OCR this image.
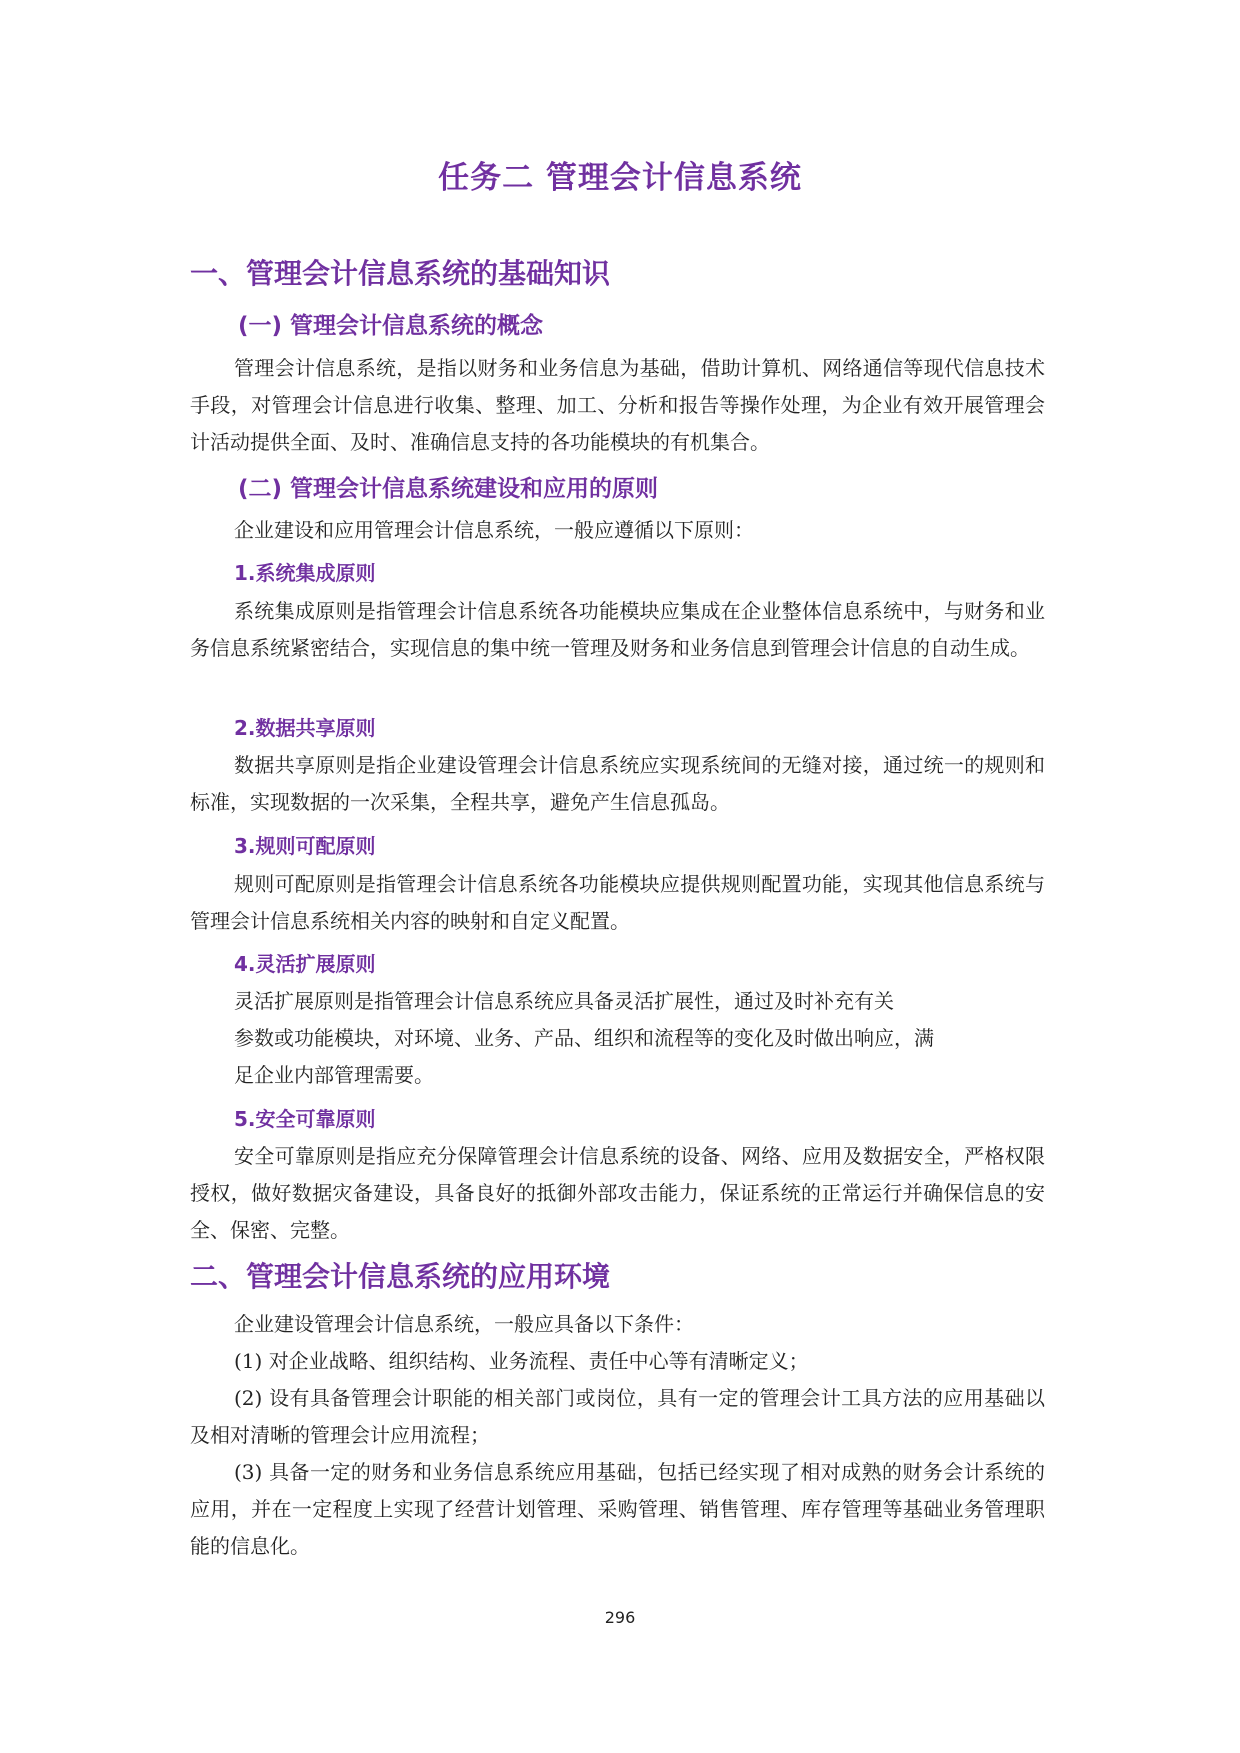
任务二 管理会计信息系统
一、管理会计信息系统的基础知识
(一) 管理会计信息系统的概念

管理会计信息系统，是指以财务和业务信息为基础，借助计算机、网络通信等现代信息技术手段，对管理会计信息进行收集、整理、加工、分析和报告等操作处理，为企业有效开展管理会计活动提供全面、及时、准确信息支持的各功能模块的有机集合。

(二) 管理会计信息系统建设和应用的原则

企业建设和应用管理会计信息系统，一般应遵循以下原则：

1.系统集成原则

系统集成原则是指管理会计信息系统各功能模块应集成在企业整体信息系统中，与财务和业务信息系统紧密结合，实现信息的集中统一管理及财务和业务信息到管理会计信息的自动生成。

2.数据共享原则

数据共享原则是指企业建设管理会计信息系统应实现系统间的无缝对接，通过统一的规则和标准，实现数据的一次采集，全程共享，避免产生信息孤岛。

3.规则可配原则

规则可配原则是指管理会计信息系统各功能模块应提供规则配置功能，实现其他信息系统与管理会计信息系统相关内容的映射和自定义配置。

4.灵活扩展原则

灵活扩展原则是指管理会计信息系统应具备灵活扩展性，通过及时补充有关

参数或功能模块，对环境、业务、产品、组织和流程等的变化及时做出响应，满

足企业内部管理需要。

5.安全可靠原则

安全可靠原则是指应充分保障管理会计信息系统的设备、网络、应用及数据安全，严格权限授权，做好数据灾备建设，具备良好的抵御外部攻击能力，保证系统的正常运行并确保信息的安全、保密、完整。

二、管理会计信息系统的应用环境

企业建设管理会计信息系统，一般应具备以下条件：

(1) 对企业战略、组织结构、业务流程、责任中心等有清晰定义；

(2) 设有具备管理会计职能的相关部门或岗位，具有一定的管理会计工具方法的应用基础以及相对清晰的管理会计应用流程；

(3) 具备一定的财务和业务信息系统应用基础，包括已经实现了相对成熟的财务会计系统的应用，并在一定程度上实现了经营计划管理、采购管理、销售管理、库存管理等基础业务管理职能的信息化。

296
